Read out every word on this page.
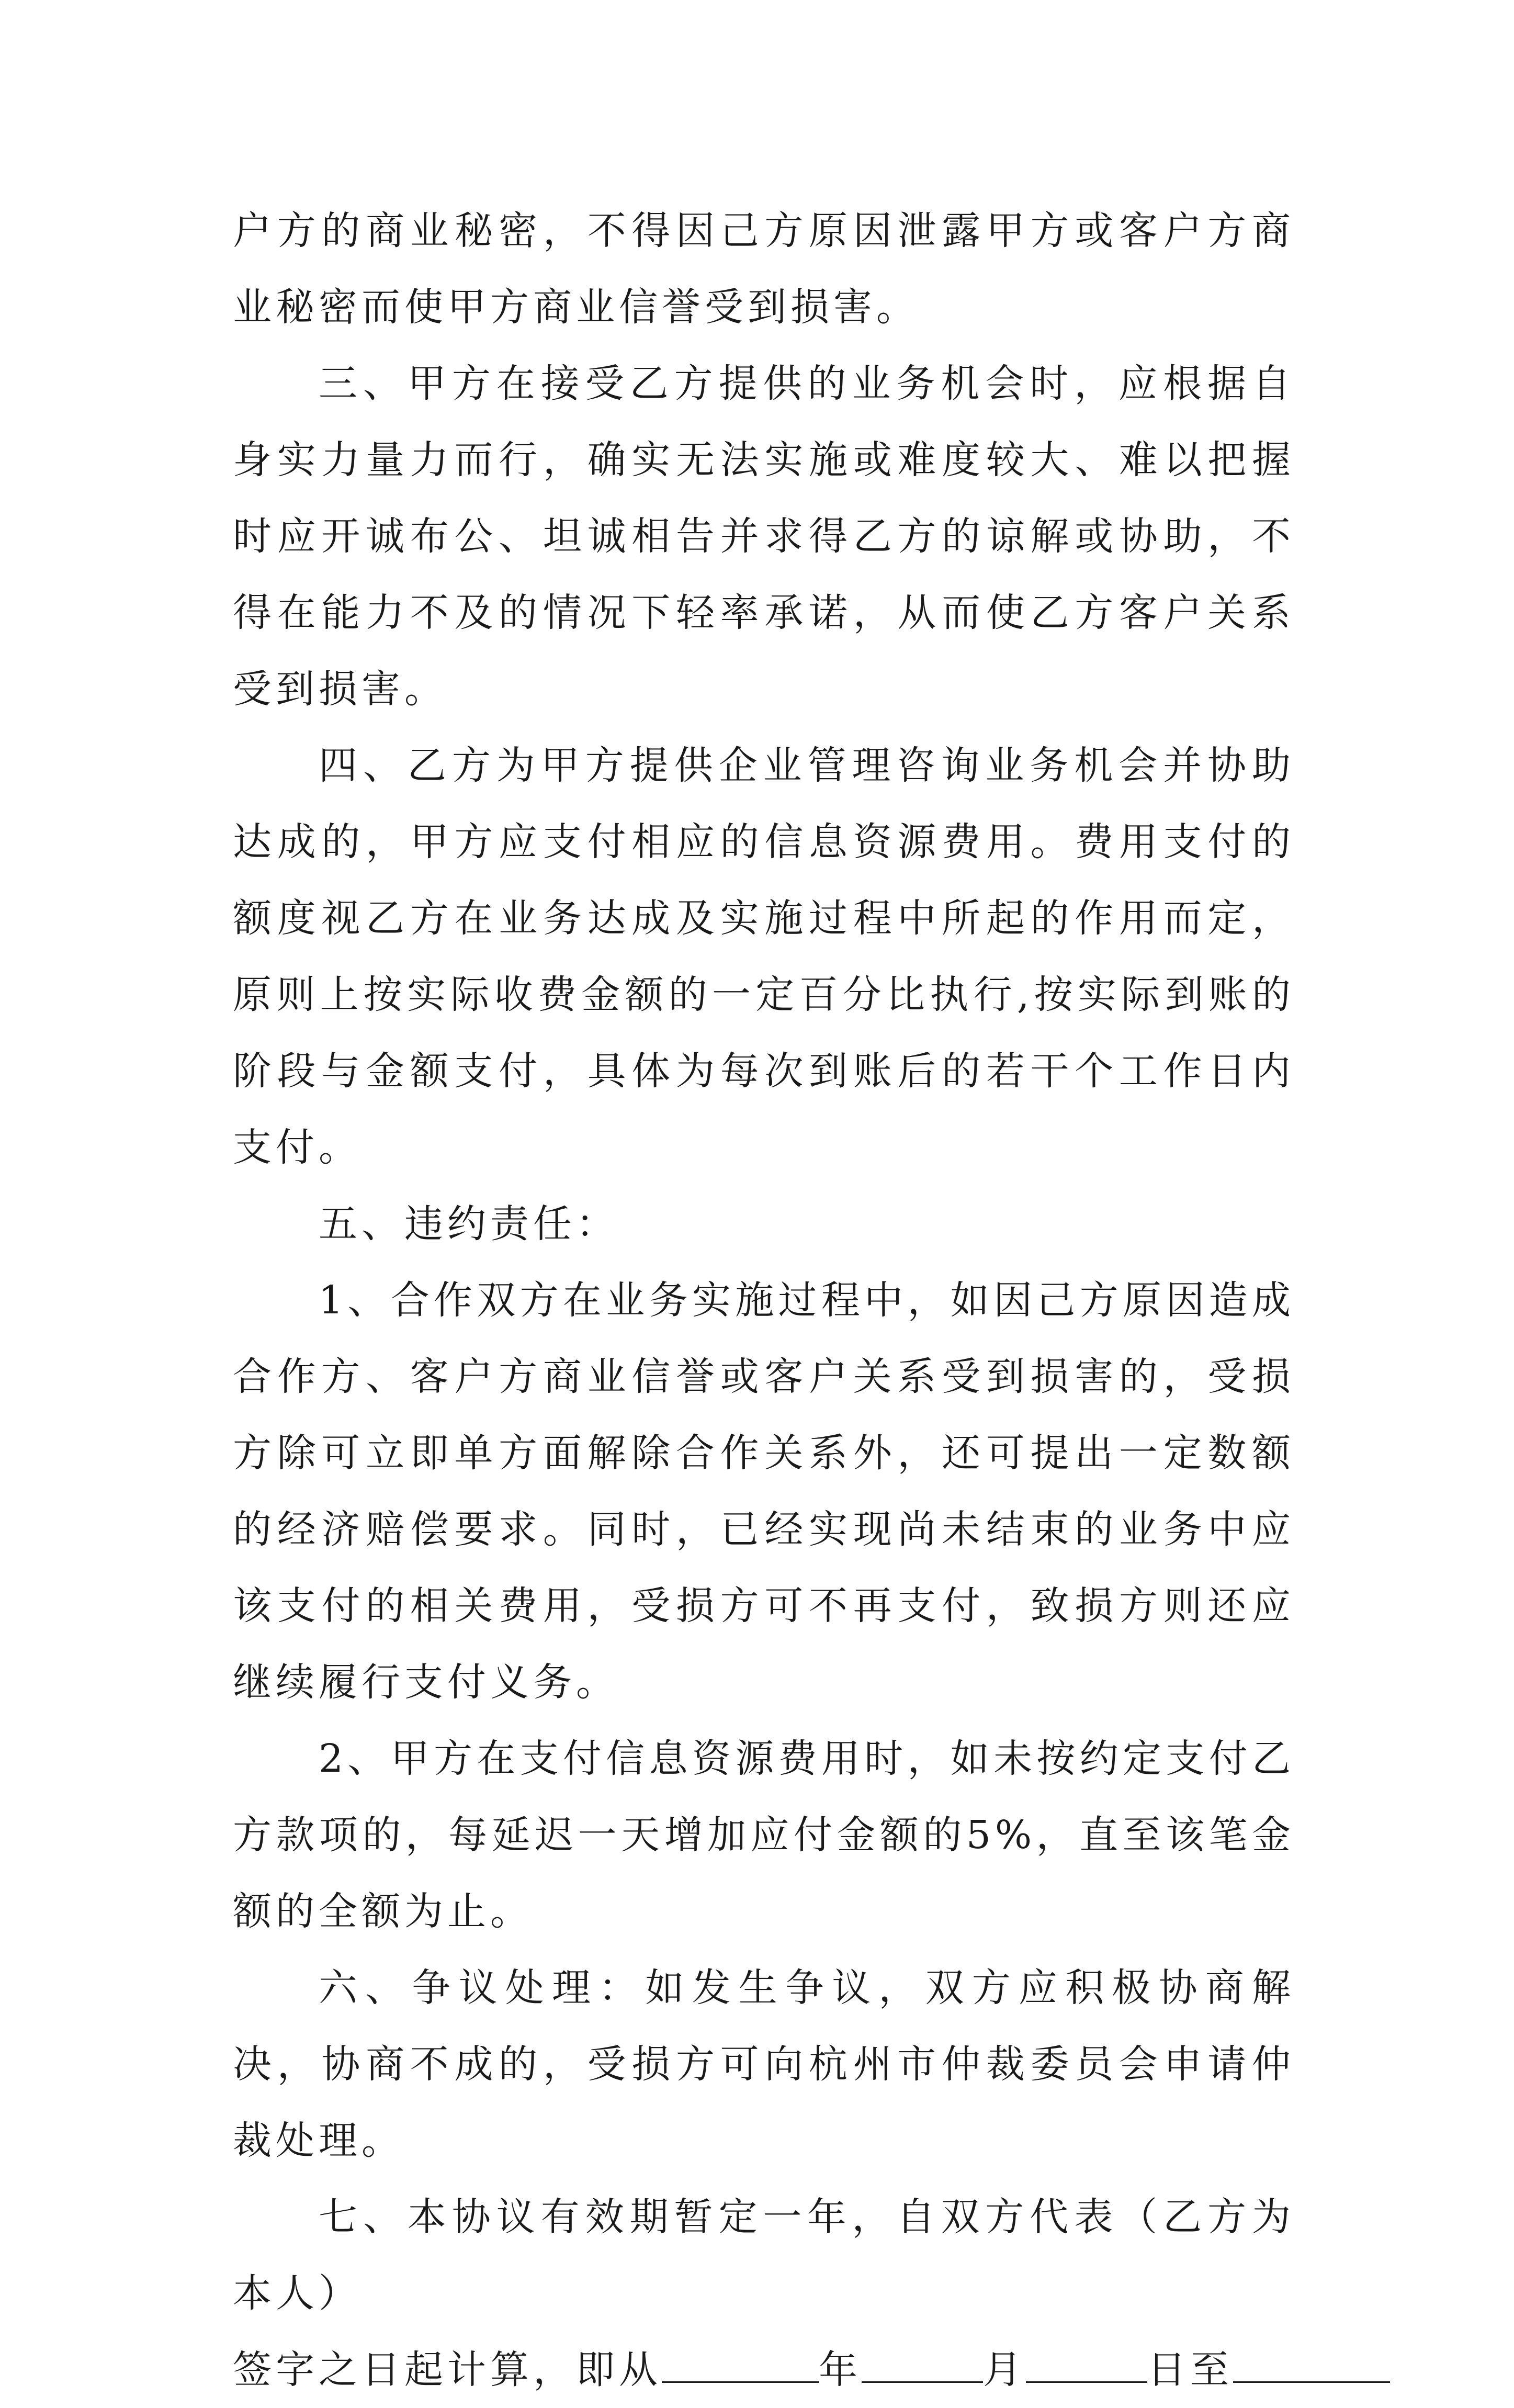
户方的商业秘密，不得因己方原因泄露甲方或客户方商业秘密而使甲方商业信誉受到损害。

三、甲方在接受乙方提供的业务机会时，应根据自身实力量力而行，确实无法实施或难度较大、难以把握时应开诚布公、坦诚相告并求得乙方的谅解或协助，不得在能力不及的情况下轻率承诺，从而使乙方客户关系受到损害。

四、乙方为甲方提供企业管理咨询业务机会并协助达成的，甲方应支付相应的信息资源费用。费用支付的额度视乙方在业务达成及实施过程中所起的作用而定，原则上按实际收费金额的一定百分比执行,按实际到账的阶段与金额支付，具体为每次到账后的若干个工作日内支付。

五、违约责任：

1、合作双方在业务实施过程中，如因己方原因造成合作方、客户方商业信誉或客户关系受到损害的，受损方除可立即单方面解除合作关系外，还可提出一定数额的经济赔偿要求。同时，已经实现尚未结束的业务中应该支付的相关费用，受损方可不再支付，致损方则还应继续履行支付义务。

2、甲方在支付信息资源费用时，如未按约定支付乙方款项的，每延迟一天增加应付金额的5%，直至该笔金额的全额为止。

六、争议处理：如发生争议，双方应积极协商解决，协商不成的，受损方可向杭州市仲裁委员会申请仲裁处理。

七、本协议有效期暂定一年，自双方代表（乙方为本人）

签字之日起计算，即从	年	月	日至
